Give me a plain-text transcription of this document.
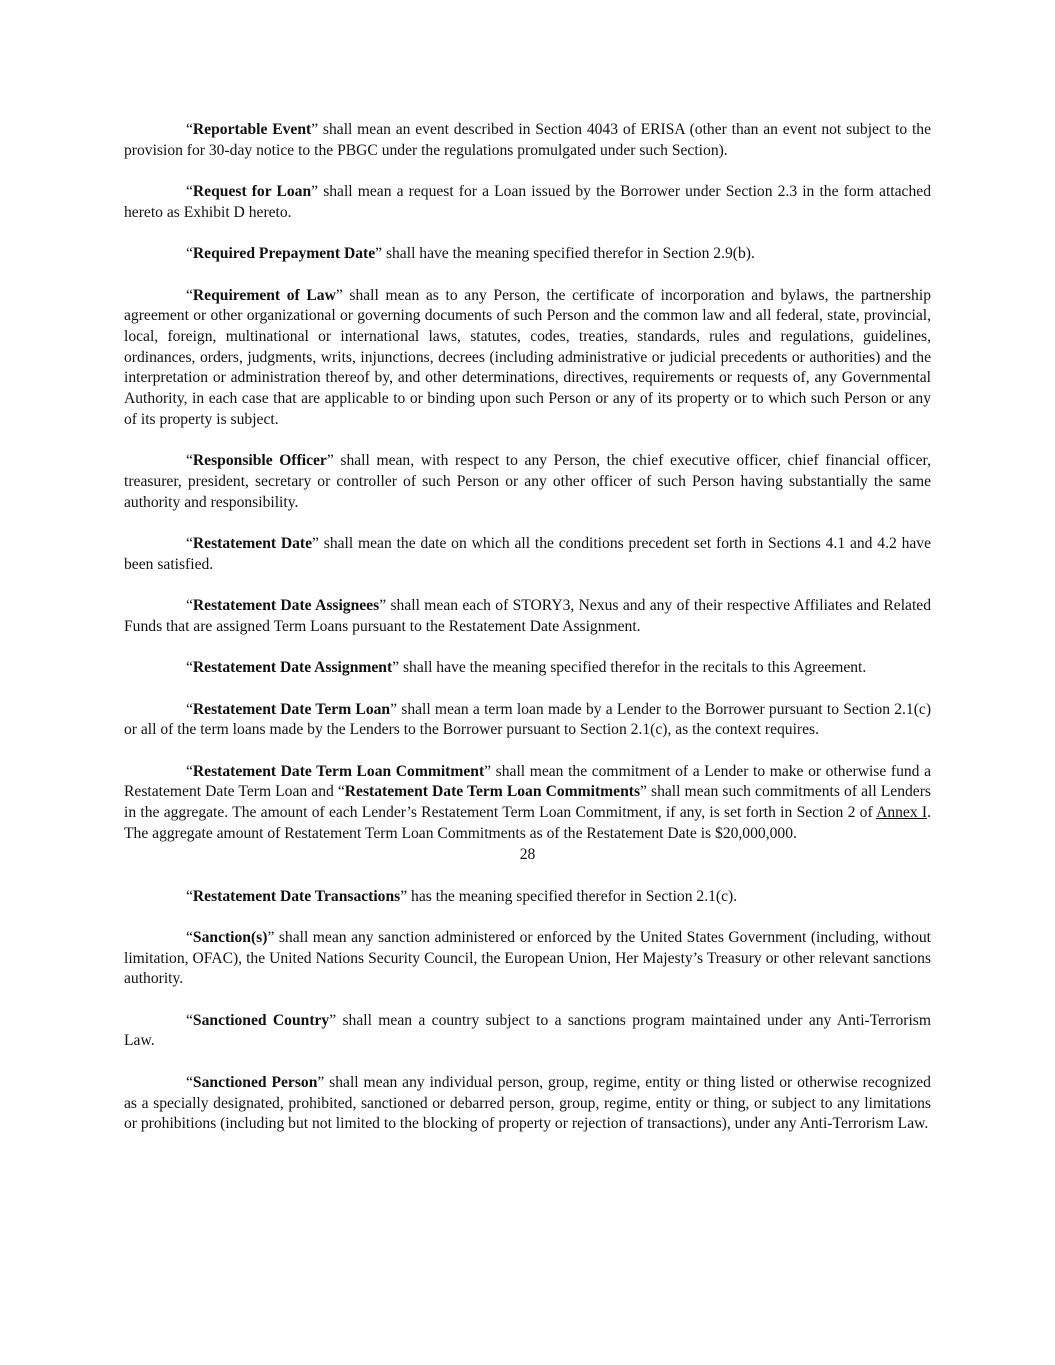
“Reportable Event” shall mean an event described in Section 4043 of ERISA (other than an event not subject to the provision for 30-day notice to the PBGC under the regulations promulgated under such Section).

“Request for Loan” shall mean a request for a Loan issued by the Borrower under Section 2.3 in the form attached hereto as Exhibit D hereto.

“Required Prepayment Date” shall have the meaning specified therefor in Section 2.9(b).

“Requirement of Law” shall mean as to any Person, the certificate of incorporation and bylaws, the partnership agreement or other organizational or governing documents of such Person and the common law and all federal, state, provincial, local, foreign, multinational or international laws, statutes, codes, treaties, standards, rules and regulations, guidelines, ordinances, orders, judgments, writs, injunctions, decrees (including administrative or judicial precedents or authorities) and the interpretation or administration thereof by, and other determinations, directives, requirements or requests of, any Governmental Authority, in each case that are applicable to or binding upon such Person or any of its property or to which such Person or any of its property is subject.

“Responsible Officer” shall mean, with respect to any Person, the chief executive officer, chief financial officer, treasurer, president, secretary or controller of such Person or any other officer of such Person having substantially the same authority and responsibility.

“Restatement Date” shall mean the date on which all the conditions precedent set forth in Sections 4.1 and 4.2 have been satisfied.

“Restatement Date Assignees” shall mean each of STORY3, Nexus and any of their respective Affiliates and Related Funds that are assigned Term Loans pursuant to the Restatement Date Assignment.

“Restatement Date Assignment” shall have the meaning specified therefor in the recitals to this Agreement.

“Restatement Date Term Loan” shall mean a term loan made by a Lender to the Borrower pursuant to Section 2.1(c) or all of the term loans made by the Lenders to the Borrower pursuant to Section 2.1(c), as the context requires.

“Restatement Date Term Loan Commitment” shall mean the commitment of a Lender to make or otherwise fund a Restatement Date Term Loan and “Restatement Date Term Loan Commitments” shall mean such commitments of all Lenders in the aggregate. The amount of each Lender’s Restatement Term Loan Commitment, if any, is set forth in Section 2 of Annex I. The aggregate amount of Restatement Term Loan Commitments as of the Restatement Date is $20,000,000.

28

“Restatement Date Transactions” has the meaning specified therefor in Section 2.1(c).

“Sanction(s)” shall mean any sanction administered or enforced by the United States Government (including, without limitation, OFAC), the United Nations Security Council, the European Union, Her Majesty’s Treasury or other relevant sanctions authority.

“Sanctioned Country” shall mean a country subject to a sanctions program maintained under any Anti-Terrorism Law.

“Sanctioned Person” shall mean any individual person, group, regime, entity or thing listed or otherwise recognized as a specially designated, prohibited, sanctioned or debarred person, group, regime, entity or thing, or subject to any limitations or prohibitions (including but not limited to the blocking of property or rejection of transactions), under any Anti-Terrorism Law.
